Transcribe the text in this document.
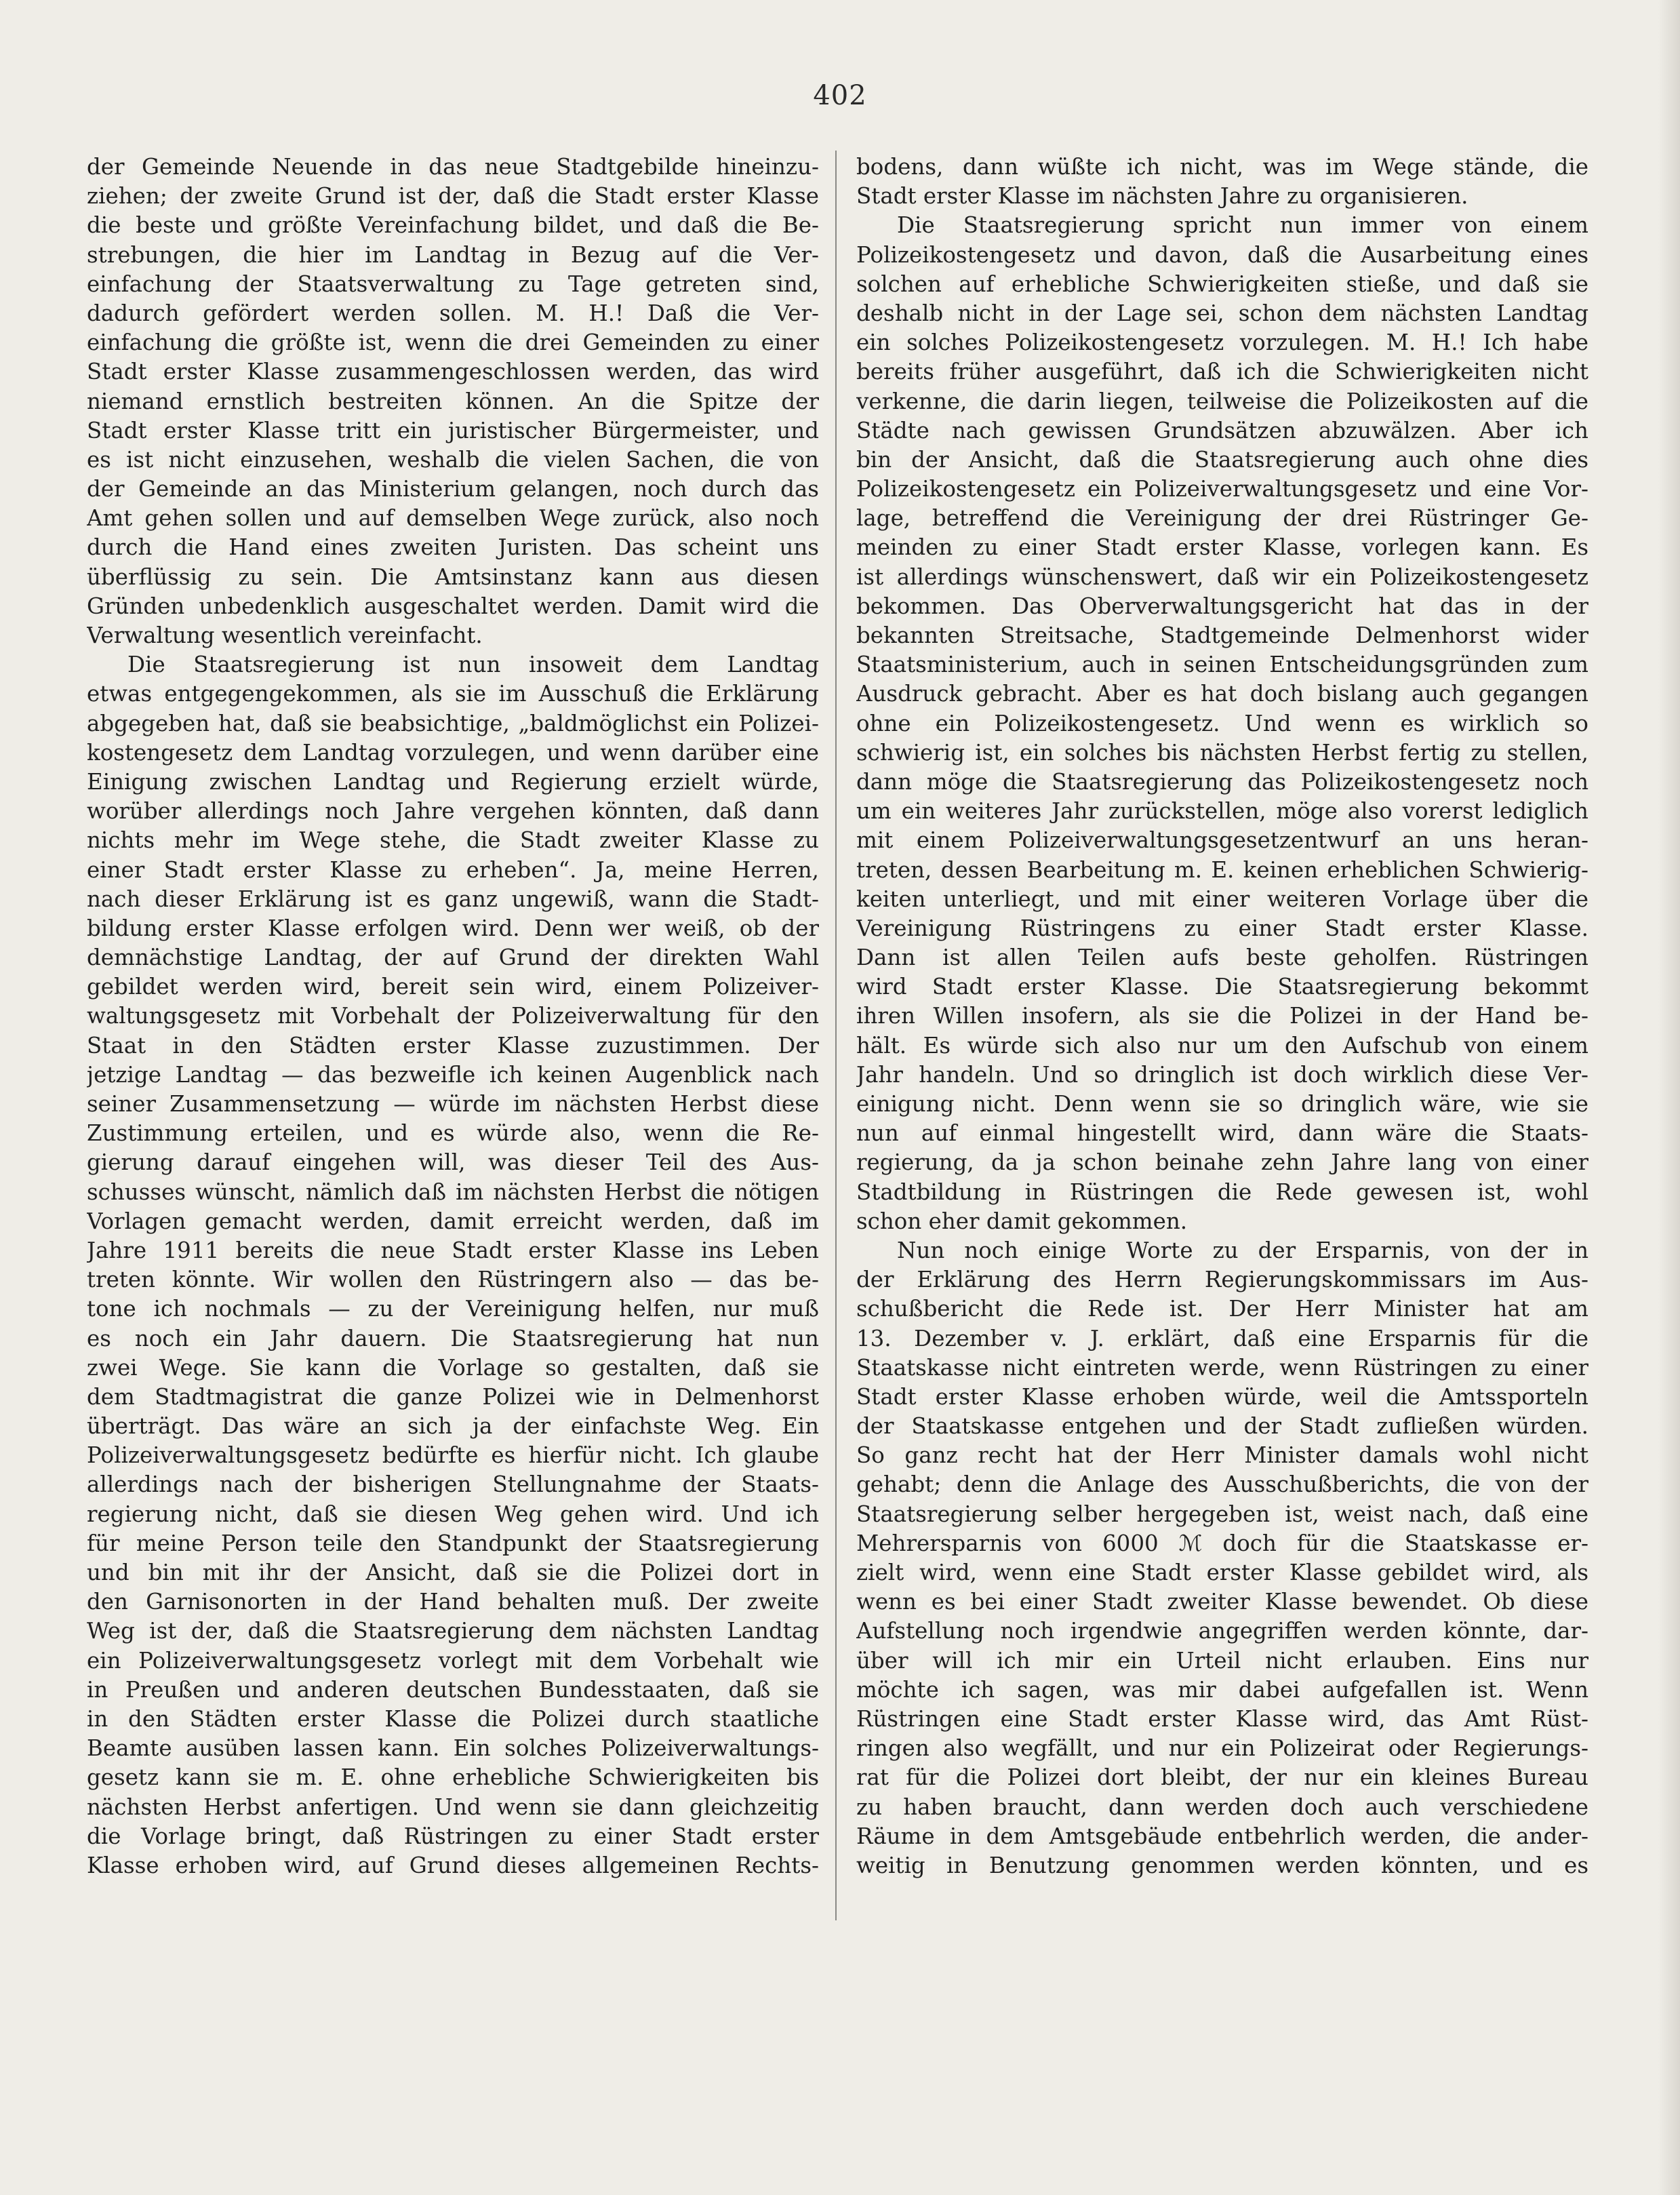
402
der Gemeinde Neuende in das neue Stadtgebilde hineinzu-
ziehen; der zweite Grund ist der, daß die Stadt erster Klasse
die beste und größte Vereinfachung bildet, und daß die Be-
strebungen, die hier im Landtag in Bezug auf die Ver-
einfachung der Staatsverwaltung zu Tage getreten sind,
dadurch gefördert werden sollen. M. H.! Daß die Ver-
einfachung die größte ist, wenn die drei Gemeinden zu einer
Stadt erster Klasse zusammengeschlossen werden, das wird
niemand ernstlich bestreiten können. An die Spitze der
Stadt erster Klasse tritt ein juristischer Bürgermeister, und
es ist nicht einzusehen, weshalb die vielen Sachen, die von
der Gemeinde an das Ministerium gelangen, noch durch das
Amt gehen sollen und auf demselben Wege zurück, also noch
durch die Hand eines zweiten Juristen. Das scheint uns
überflüssig zu sein. Die Amtsinstanz kann aus diesen
Gründen unbedenklich ausgeschaltet werden. Damit wird die
Verwaltung wesentlich vereinfacht.
Die Staatsregierung ist nun insoweit dem Landtag
etwas entgegengekommen, als sie im Ausschuß die Erklärung
abgegeben hat, daß sie beabsichtige, „baldmöglichst ein Polizei-
kostengesetz dem Landtag vorzulegen, und wenn darüber eine
Einigung zwischen Landtag und Regierung erzielt würde,
worüber allerdings noch Jahre vergehen könnten, daß dann
nichts mehr im Wege stehe, die Stadt zweiter Klasse zu
einer Stadt erster Klasse zu erheben“. Ja, meine Herren,
nach dieser Erklärung ist es ganz ungewiß, wann die Stadt-
bildung erster Klasse erfolgen wird. Denn wer weiß, ob der
demnächstige Landtag, der auf Grund der direkten Wahl
gebildet werden wird, bereit sein wird, einem Polizeiver-
waltungsgesetz mit Vorbehalt der Polizeiverwaltung für den
Staat in den Städten erster Klasse zuzustimmen. Der
jetzige Landtag — das bezweifle ich keinen Augenblick nach
seiner Zusammensetzung — würde im nächsten Herbst diese
Zustimmung erteilen, und es würde also, wenn die Re-
gierung darauf eingehen will, was dieser Teil des Aus-
schusses wünscht, nämlich daß im nächsten Herbst die nötigen
Vorlagen gemacht werden, damit erreicht werden, daß im
Jahre 1911 bereits die neue Stadt erster Klasse ins Leben
treten könnte. Wir wollen den Rüstringern also — das be-
tone ich nochmals — zu der Vereinigung helfen, nur muß
es noch ein Jahr dauern. Die Staatsregierung hat nun
zwei Wege. Sie kann die Vorlage so gestalten, daß sie
dem Stadtmagistrat die ganze Polizei wie in Delmenhorst
überträgt. Das wäre an sich ja der einfachste Weg. Ein
Polizeiverwaltungsgesetz bedürfte es hierfür nicht. Ich glaube
allerdings nach der bisherigen Stellungnahme der Staats-
regierung nicht, daß sie diesen Weg gehen wird. Und ich
für meine Person teile den Standpunkt der Staatsregierung
und bin mit ihr der Ansicht, daß sie die Polizei dort in
den Garnisonorten in der Hand behalten muß. Der zweite
Weg ist der, daß die Staatsregierung dem nächsten Landtag
ein Polizeiverwaltungsgesetz vorlegt mit dem Vorbehalt wie
in Preußen und anderen deutschen Bundesstaaten, daß sie
in den Städten erster Klasse die Polizei durch staatliche
Beamte ausüben lassen kann. Ein solches Polizeiverwaltungs-
gesetz kann sie m. E. ohne erhebliche Schwierigkeiten bis
nächsten Herbst anfertigen. Und wenn sie dann gleichzeitig
die Vorlage bringt, daß Rüstringen zu einer Stadt erster
Klasse erhoben wird, auf Grund dieses allgemeinen Rechts-
bodens, dann wüßte ich nicht, was im Wege stände, die
Stadt erster Klasse im nächsten Jahre zu organisieren.
Die Staatsregierung spricht nun immer von einem
Polizeikostengesetz und davon, daß die Ausarbeitung eines
solchen auf erhebliche Schwierigkeiten stieße, und daß sie
deshalb nicht in der Lage sei, schon dem nächsten Landtag
ein solches Polizeikostengesetz vorzulegen. M. H.! Ich habe
bereits früher ausgeführt, daß ich die Schwierigkeiten nicht
verkenne, die darin liegen, teilweise die Polizeikosten auf die
Städte nach gewissen Grundsätzen abzuwälzen. Aber ich
bin der Ansicht, daß die Staatsregierung auch ohne dies
Polizeikostengesetz ein Polizeiverwaltungsgesetz und eine Vor-
lage, betreffend die Vereinigung der drei Rüstringer Ge-
meinden zu einer Stadt erster Klasse, vorlegen kann. Es
ist allerdings wünschenswert, daß wir ein Polizeikostengesetz
bekommen. Das Oberverwaltungsgericht hat das in der
bekannten Streitsache, Stadtgemeinde Delmenhorst wider
Staatsministerium, auch in seinen Entscheidungsgründen zum
Ausdruck gebracht. Aber es hat doch bislang auch gegangen
ohne ein Polizeikostengesetz. Und wenn es wirklich so
schwierig ist, ein solches bis nächsten Herbst fertig zu stellen,
dann möge die Staatsregierung das Polizeikostengesetz noch
um ein weiteres Jahr zurückstellen, möge also vorerst lediglich
mit einem Polizeiverwaltungsgesetzentwurf an uns heran-
treten, dessen Bearbeitung m. E. keinen erheblichen Schwierig-
keiten unterliegt, und mit einer weiteren Vorlage über die
Vereinigung Rüstringens zu einer Stadt erster Klasse.
Dann ist allen Teilen aufs beste geholfen. Rüstringen
wird Stadt erster Klasse. Die Staatsregierung bekommt
ihren Willen insofern, als sie die Polizei in der Hand be-
hält. Es würde sich also nur um den Aufschub von einem
Jahr handeln. Und so dringlich ist doch wirklich diese Ver-
einigung nicht. Denn wenn sie so dringlich wäre, wie sie
nun auf einmal hingestellt wird, dann wäre die Staats-
regierung, da ja schon beinahe zehn Jahre lang von einer
Stadtbildung in Rüstringen die Rede gewesen ist, wohl
schon eher damit gekommen.
Nun noch einige Worte zu der Ersparnis, von der in
der Erklärung des Herrn Regierungskommissars im Aus-
schußbericht die Rede ist. Der Herr Minister hat am
13. Dezember v. J. erklärt, daß eine Ersparnis für die
Staatskasse nicht eintreten werde, wenn Rüstringen zu einer
Stadt erster Klasse erhoben würde, weil die Amtssporteln
der Staatskasse entgehen und der Stadt zufließen würden.
So ganz recht hat der Herr Minister damals wohl nicht
gehabt; denn die Anlage des Ausschußberichts, die von der
Staatsregierung selber hergegeben ist, weist nach, daß eine
Mehrersparnis von 6000 ℳ doch für die Staatskasse er-
zielt wird, wenn eine Stadt erster Klasse gebildet wird, als
wenn es bei einer Stadt zweiter Klasse bewendet. Ob diese
Aufstellung noch irgendwie angegriffen werden könnte, dar-
über will ich mir ein Urteil nicht erlauben. Eins nur
möchte ich sagen, was mir dabei aufgefallen ist. Wenn
Rüstringen eine Stadt erster Klasse wird, das Amt Rüst-
ringen also wegfällt, und nur ein Polizeirat oder Regierungs-
rat für die Polizei dort bleibt, der nur ein kleines Bureau
zu haben braucht, dann werden doch auch verschiedene
Räume in dem Amtsgebäude entbehrlich werden, die ander-
weitig in Benutzung genommen werden könnten, und es
